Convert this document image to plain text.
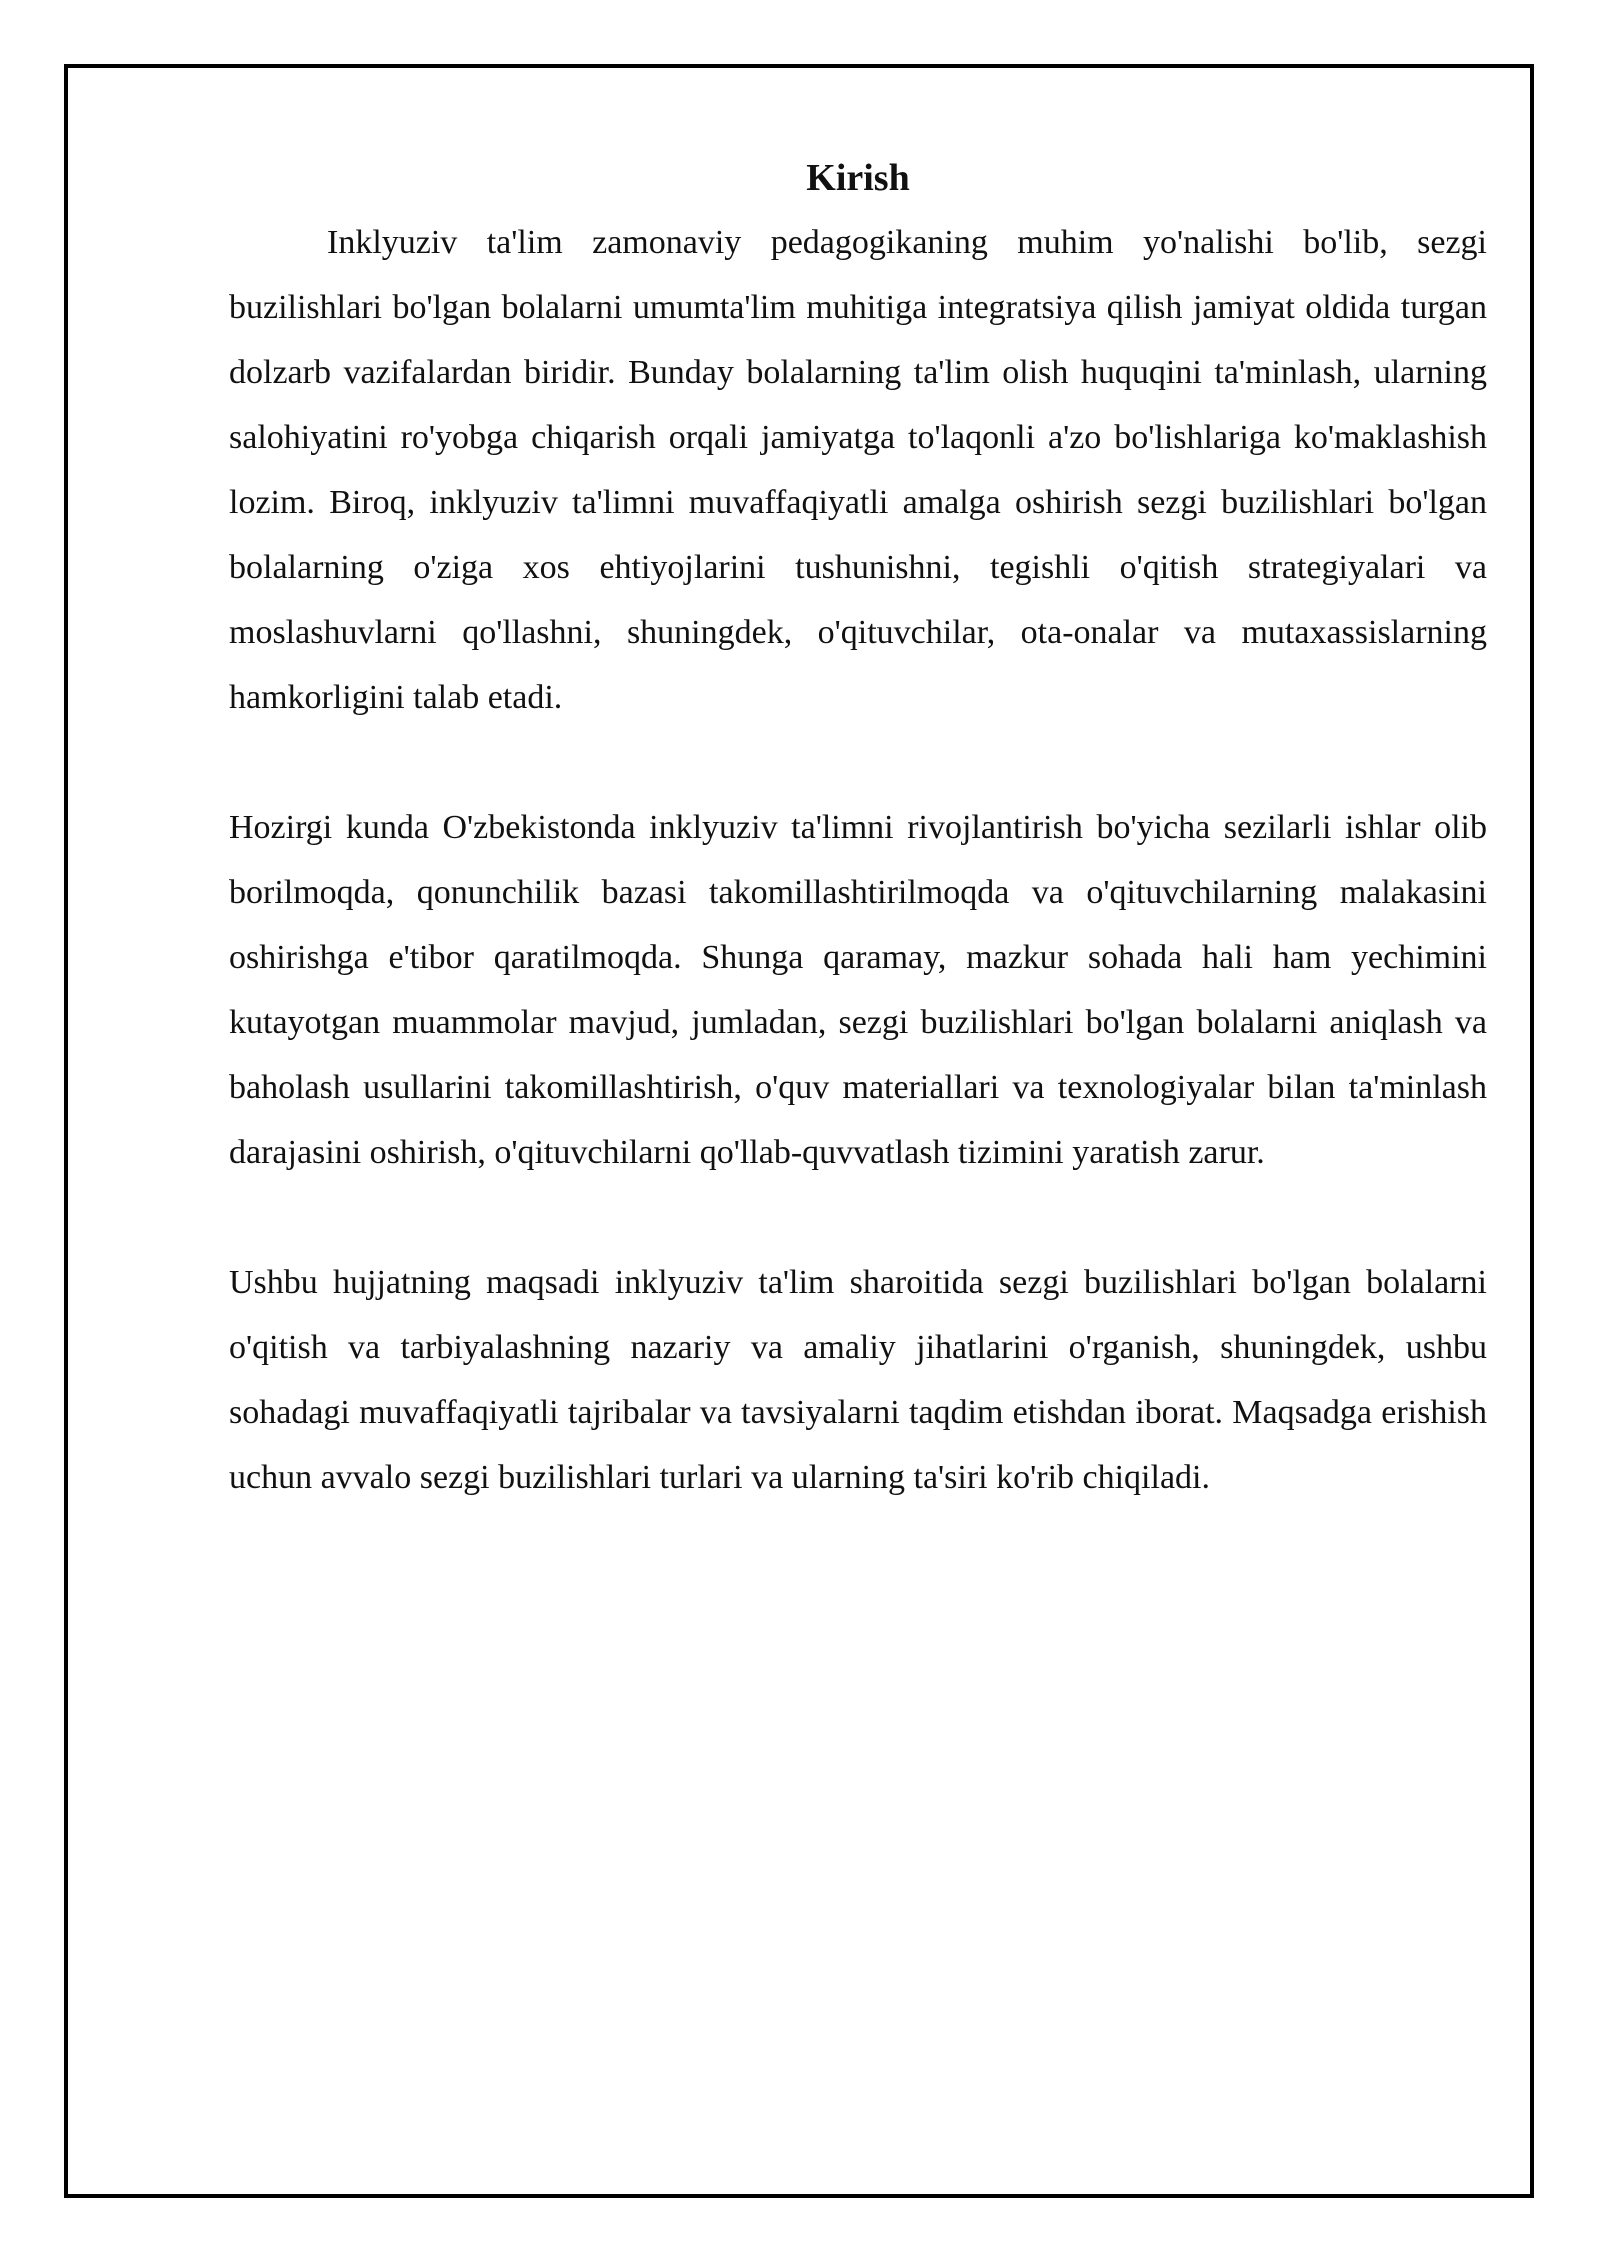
Kirish

Inklyuziv ta'lim zamonaviy pedagogikaning muhim yo'nalishi bo'lib, sezgi buzilishlari bo'lgan bolalarni umumta'lim muhitiga integratsiya qilish jamiyat oldida turgan dolzarb vazifalardan biridir. Bunday bolalarning ta'lim olish huquqini ta'minlash, ularning salohiyatini ro'yobga chiqarish orqali jamiyatga to'laqonli a'zo bo'lishlariga ko'maklashish lozim. Biroq, inklyuziv ta'limni muvaffaqiyatli amalga oshirish sezgi buzilishlari bo'lgan bolalarning o'ziga xos ehtiyojlarini tushunishni, tegishli o'qitish strategiyalari va moslashuvlarni qo'llashni, shuningdek, o'qituvchilar, ota-onalar va mutaxassislarning hamkorligini talab etadi.

Hozirgi kunda O'zbekistonda inklyuziv ta'limni rivojlantirish bo'yicha sezilarli ishlar olib borilmoqda, qonunchilik bazasi takomillashtirilmoqda va o'qituvchilarning malakasini oshirishga e'tibor qaratilmoqda. Shunga qaramay, mazkur sohada hali ham yechimini kutayotgan muammolar mavjud, jumladan, sezgi buzilishlari bo'lgan bolalarni aniqlash va baholash usullarini takomillashtirish, o'quv materiallari va texnologiyalar bilan ta'minlash darajasini oshirish, o'qituvchilarni qo'llab-quvvatlash tizimini yaratish zarur.

Ushbu hujjatning maqsadi inklyuziv ta'lim sharoitida sezgi buzilishlari bo'lgan bolalarni o'qitish va tarbiyalashning nazariy va amaliy jihatlarini o'rganish, shuningdek, ushbu sohadagi muvaffaqiyatli tajribalar va tavsiyalarni taqdim etishdan iborat. Maqsadga erishish uchun avvalo sezgi buzilishlari turlari va ularning ta'siri ko'rib chiqiladi.
